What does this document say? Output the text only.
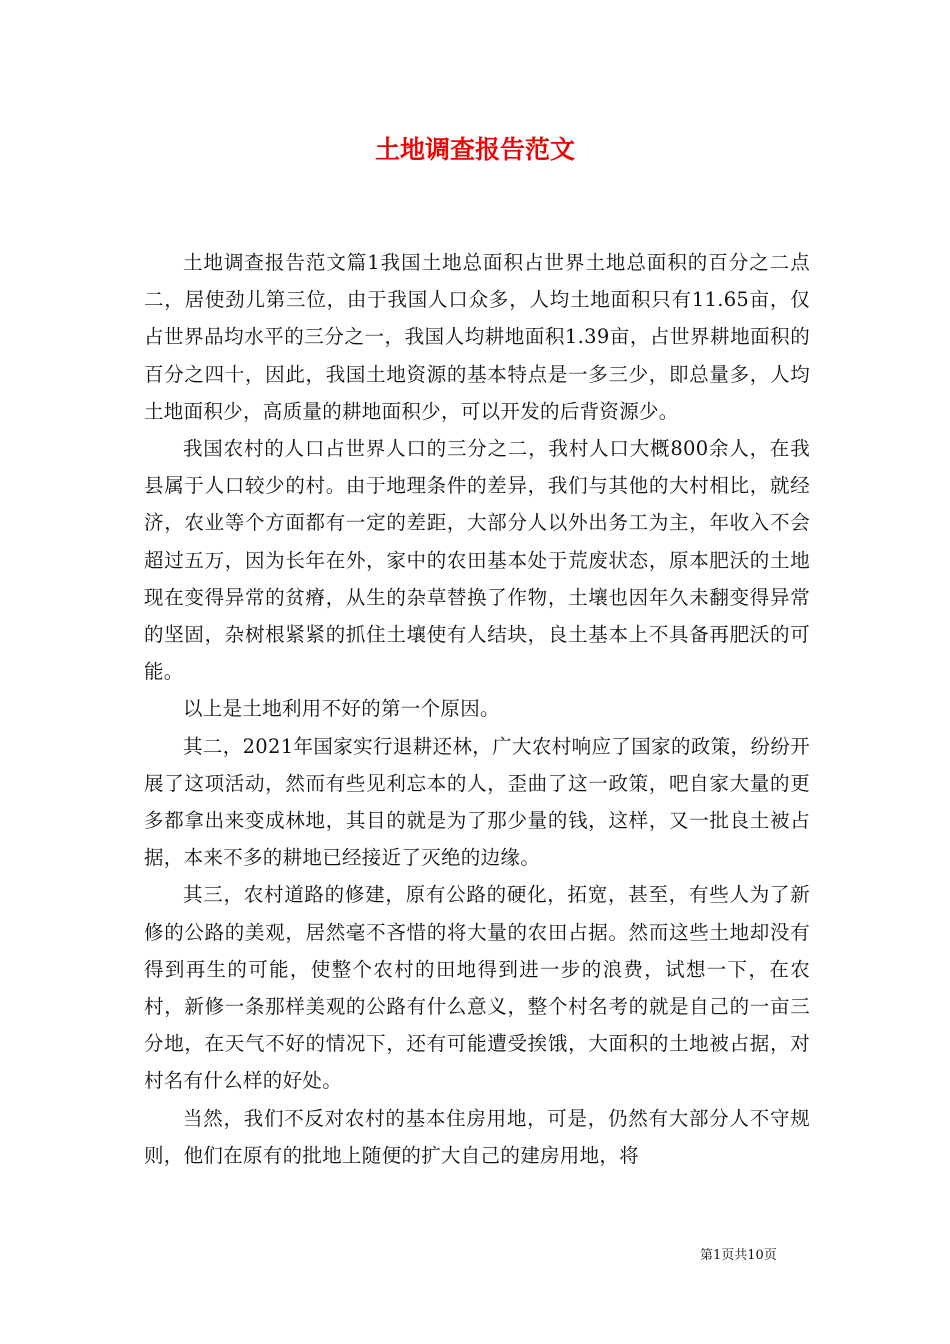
土地调查报告范文

土地调查报告范文篇1我国土地总面积占世界土地总面积的百分之二点二，居使劲儿第三位，由于我国人口众多，人均土地面积只有11.65亩，仅占世界品均水平的三分之一，我国人均耕地面积1.39亩，占世界耕地面积的百分之四十，因此，我国土地资源的基本特点是一多三少，即总量多，人均土地面积少，高质量的耕地面积少，可以开发的后背资源少。

我国农村的人口占世界人口的三分之二，我村人口大概800余人，在我县属于人口较少的村。由于地理条件的差异，我们与其他的大村相比，就经济，农业等个方面都有一定的差距，大部分人以外出务工为主，年收入不会超过五万，因为长年在外，家中的农田基本处于荒废状态，原本肥沃的土地现在变得异常的贫瘠，从生的杂草替换了作物，土壤也因年久未翻变得异常的坚固，杂树根紧紧的抓住土壤使有人结块，良土基本上不具备再肥沃的可能。

以上是土地利用不好的第一个原因。

其二，2021年国家实行退耕还林，广大农村响应了国家的政策，纷纷开展了这项活动，然而有些见利忘本的人，歪曲了这一政策，吧自家大量的更多都拿出来变成林地，其目的就是为了那少量的钱，这样，又一批良土被占据，本来不多的耕地已经接近了灭绝的边缘。

其三，农村道路的修建，原有公路的硬化，拓宽，甚至，有些人为了新修的公路的美观，居然毫不吝惜的将大量的农田占据。然而这些土地却没有得到再生的可能，使整个农村的田地得到进一步的浪费，试想一下，在农村，新修一条那样美观的公路有什么意义，整个村名考的就是自己的一亩三分地，在天气不好的情况下，还有可能遭受挨饿，大面积的土地被占据，对村名有什么样的好处。

当然，我们不反对农村的基本住房用地，可是，仍然有大部分人不守规则，他们在原有的批地上随便的扩大自己的建房用地，将

第1页共10页
